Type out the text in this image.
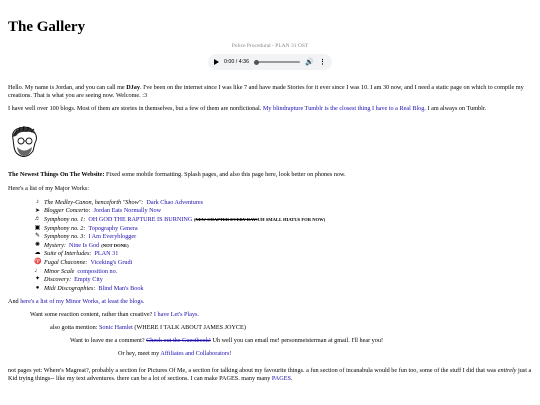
The Gallery
Police Procedural - PLAN 31 OST
0:00 / 4:36	🔊 ⋮

Hello. My name is Jordan, and you can call me DJay. I've been on the internet since I was like 7 and have made Stories for it ever since I was 10. I am 30 now, and I need a static page on which to compile my creations. That is what you are seeing now. Welcome. :3

I have well over 100 blogs. Most of them are stories in themselves, but a few of them are nonfictional. My blindrapture Tumblr is the closest thing I have to a Real Blog. I am always on Tumblr.

The Newest Things On The Website: Fixed some mobile formatting. Splash pages, and also this page here, look better on phones now.

Here's a list of my Major Works:

♪ The Medley-Canon, henceforth "Show": Dark Chao Adventures
➤ Blogger Concerto: Jordan Eats Normally Now
♬ Symphony no. 1: OH GOD THE RAPTURE IS BURNING
( NEW CHAPTER EVERY DAY! UH SMALL HIATUS FOR NOW)
▣ Symphony no. 2: Topography Genera
✎ Symphony no. 3: I Am Everyblogger
✺ Mystery: Nine Is God (NOT DONE)
☁ Suite of Interludes: PLAN 31
♈ Fugal Chaconne: Viceking's Grudi
♩ Minor Scale composition no.
✦ Discovery: Empty City
● Midi Discographies: Blind Man's Book

And here's a list of my Minor Works, at least the blogs.

Want some reaction content, rather than creative? I have Let's Plays.

also gotta mention: Sonic Hamlet (WHERE I TALK ABOUT JAMES JOYCE)

Want to leave me a comment? Check out the Guestbook! Uh well you can email me! personmeisterman at gmail. I'll hear you!

Or hey, meet my Affiliates and Collaborators!

not pages yet: Where's Magreat?, probably a section for Pictures Of Me, a section for talking about my favourite things. a fun section of incanabula would be fun too, some of the stuff I did that was entirely just a Kid trying things-- like my text adventures. there can be a lot of sections. I can make PAGES. many many PAGES.
